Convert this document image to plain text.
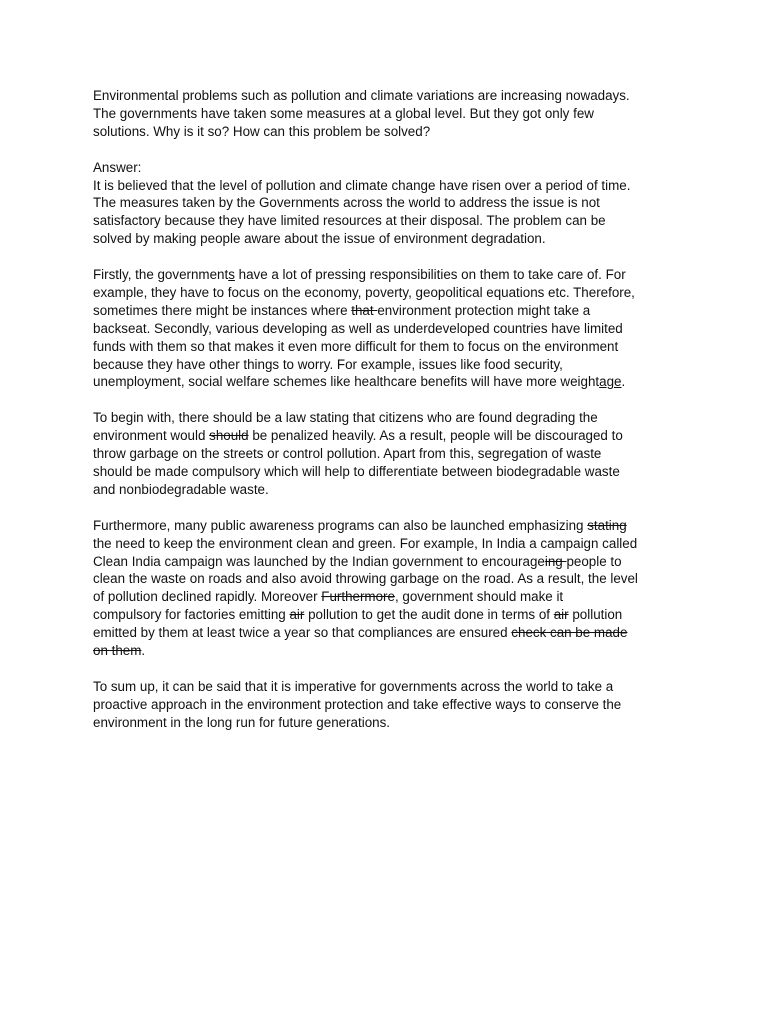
Environmental problems such as pollution and climate variations are increasing nowadays.
The governments have taken some measures at a global level. But they got only few
solutions. Why is it so? How can this problem be solved?
Answer:
It is believed that the level of pollution and climate change have risen over a period of time.
The measures taken by the Governments across the world to address the issue is not
satisfactory because they have limited resources at their disposal. The problem can be
solved by making people aware about the issue of environment degradation.
Firstly, the governments have a lot of pressing responsibilities on them to take care of. For
example, they have to focus on the economy, poverty, geopolitical equations etc. Therefore,
sometimes there might be instances where that environment protection might take a
backseat. Secondly, various developing as well as underdeveloped countries have limited
funds with them so that makes it even more difficult for them to focus on the environment
because they have other things to worry. For example, issues like food security,
unemployment, social welfare schemes like healthcare benefits will have more weightage.
To begin with, there should be a law stating that citizens who are found degrading the
environment would should be penalized heavily. As a result, people will be discouraged to
throw garbage on the streets or control pollution. Apart from this, segregation of waste
should be made compulsory which will help to differentiate between biodegradable waste
and nonbiodegradable waste.
Furthermore, many public awareness programs can also be launched emphasizing stating
the need to keep the environment clean and green. For example, In India a campaign called
Clean India campaign was launched by the Indian government to encourageing people to
clean the waste on roads and also avoid throwing garbage on the road. As a result, the level
of pollution declined rapidly. Moreover Furthermore, government should make it
compulsory for factories emitting air pollution to get the audit done in terms of air pollution
emitted by them at least twice a year so that compliances are ensured check can be made
on them.
To sum up, it can be said that it is imperative for governments across the world to take a
proactive approach in the environment protection and take effective ways to conserve the
environment in the long run for future generations.
